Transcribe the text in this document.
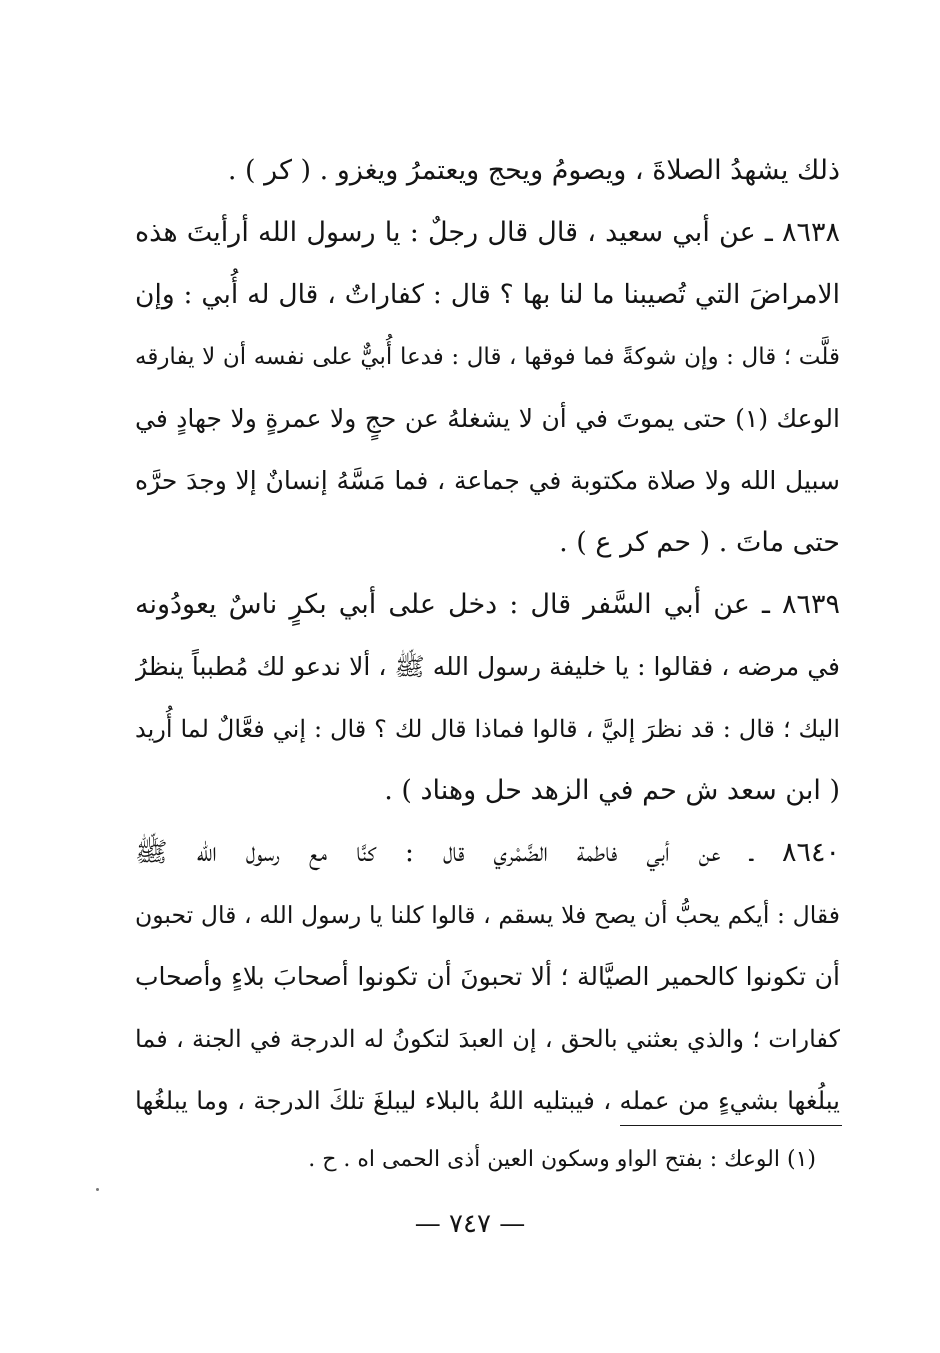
ذلك يشهدُ الصلاةَ ، ويصومُ ويحج ويعتمرُ ويغزو . ( كر ) .
٨٦٣٨ ـ عن أبي سعيد ، قال قال رجلٌ : يا رسول الله أرأيتَ هذه
الامراضَ التي تُصيبنا ما لنا بها ؟ قال : كفاراتٌ ، قال له أُبي : وإن
قلَّت ؛ قال : وإن شوكةً فما فوقها ، قال : فدعا أُبيٌّ على نفسه أن لا يفارقه
الوعك (١) حتى يموتَ في أن لا يشغلهُ عن حجٍ ولا عمرةٍ ولا جهادٍ في
سبيل الله ولا صلاة مكتوبة في جماعة ، فما مَسَّهُ إنسانٌ إلا وجدَ حرَّه
حتى ماتَ . ( حم كر ع ) .
٨٦٣٩ ـ عن أبي السَّفر قال : دخل على أبي بكرٍ ناسٌ يعودُونه
في مرضه ، فقالوا : يا خليفة رسول الله ﷺ ، ألا ندعو لك مُطبباً ينظرُ
اليك ؛ قال : قد نظرَ إليَّ ، قالوا فماذا قال لك ؟ قال : إني فعَّالٌ لما أُريد
( ابن سعد ش حم في الزهد حل وهناد ) .
٨٦٤٠ ـ عن أبي فاطمة الضَّمْري قال : كنَّا مع رسول الله ﷺ
فقال : أيكم يحبُّ أن يصح فلا يسقم ، قالوا كلنا يا رسول الله ، قال تحبون
أن تكونوا كالحمير الصيَّالة ؛ ألا تحبونَ أن تكونوا أصحابَ بلاءٍ وأصحاب
كفارات ؛ والذي بعثني بالحق ، إن العبدَ لتكونُ له الدرجة في الجنة ، فما
يبلُغها بشيءٍ من عمله ، فيبتليه اللهُ بالبلاء ليبلغَ تلكَ الدرجة ، وما يبلغُها
(١) الوعك : بفتح الواو وسكون العين أذى الحمى اه . ح .
— ٧٤٧ —
